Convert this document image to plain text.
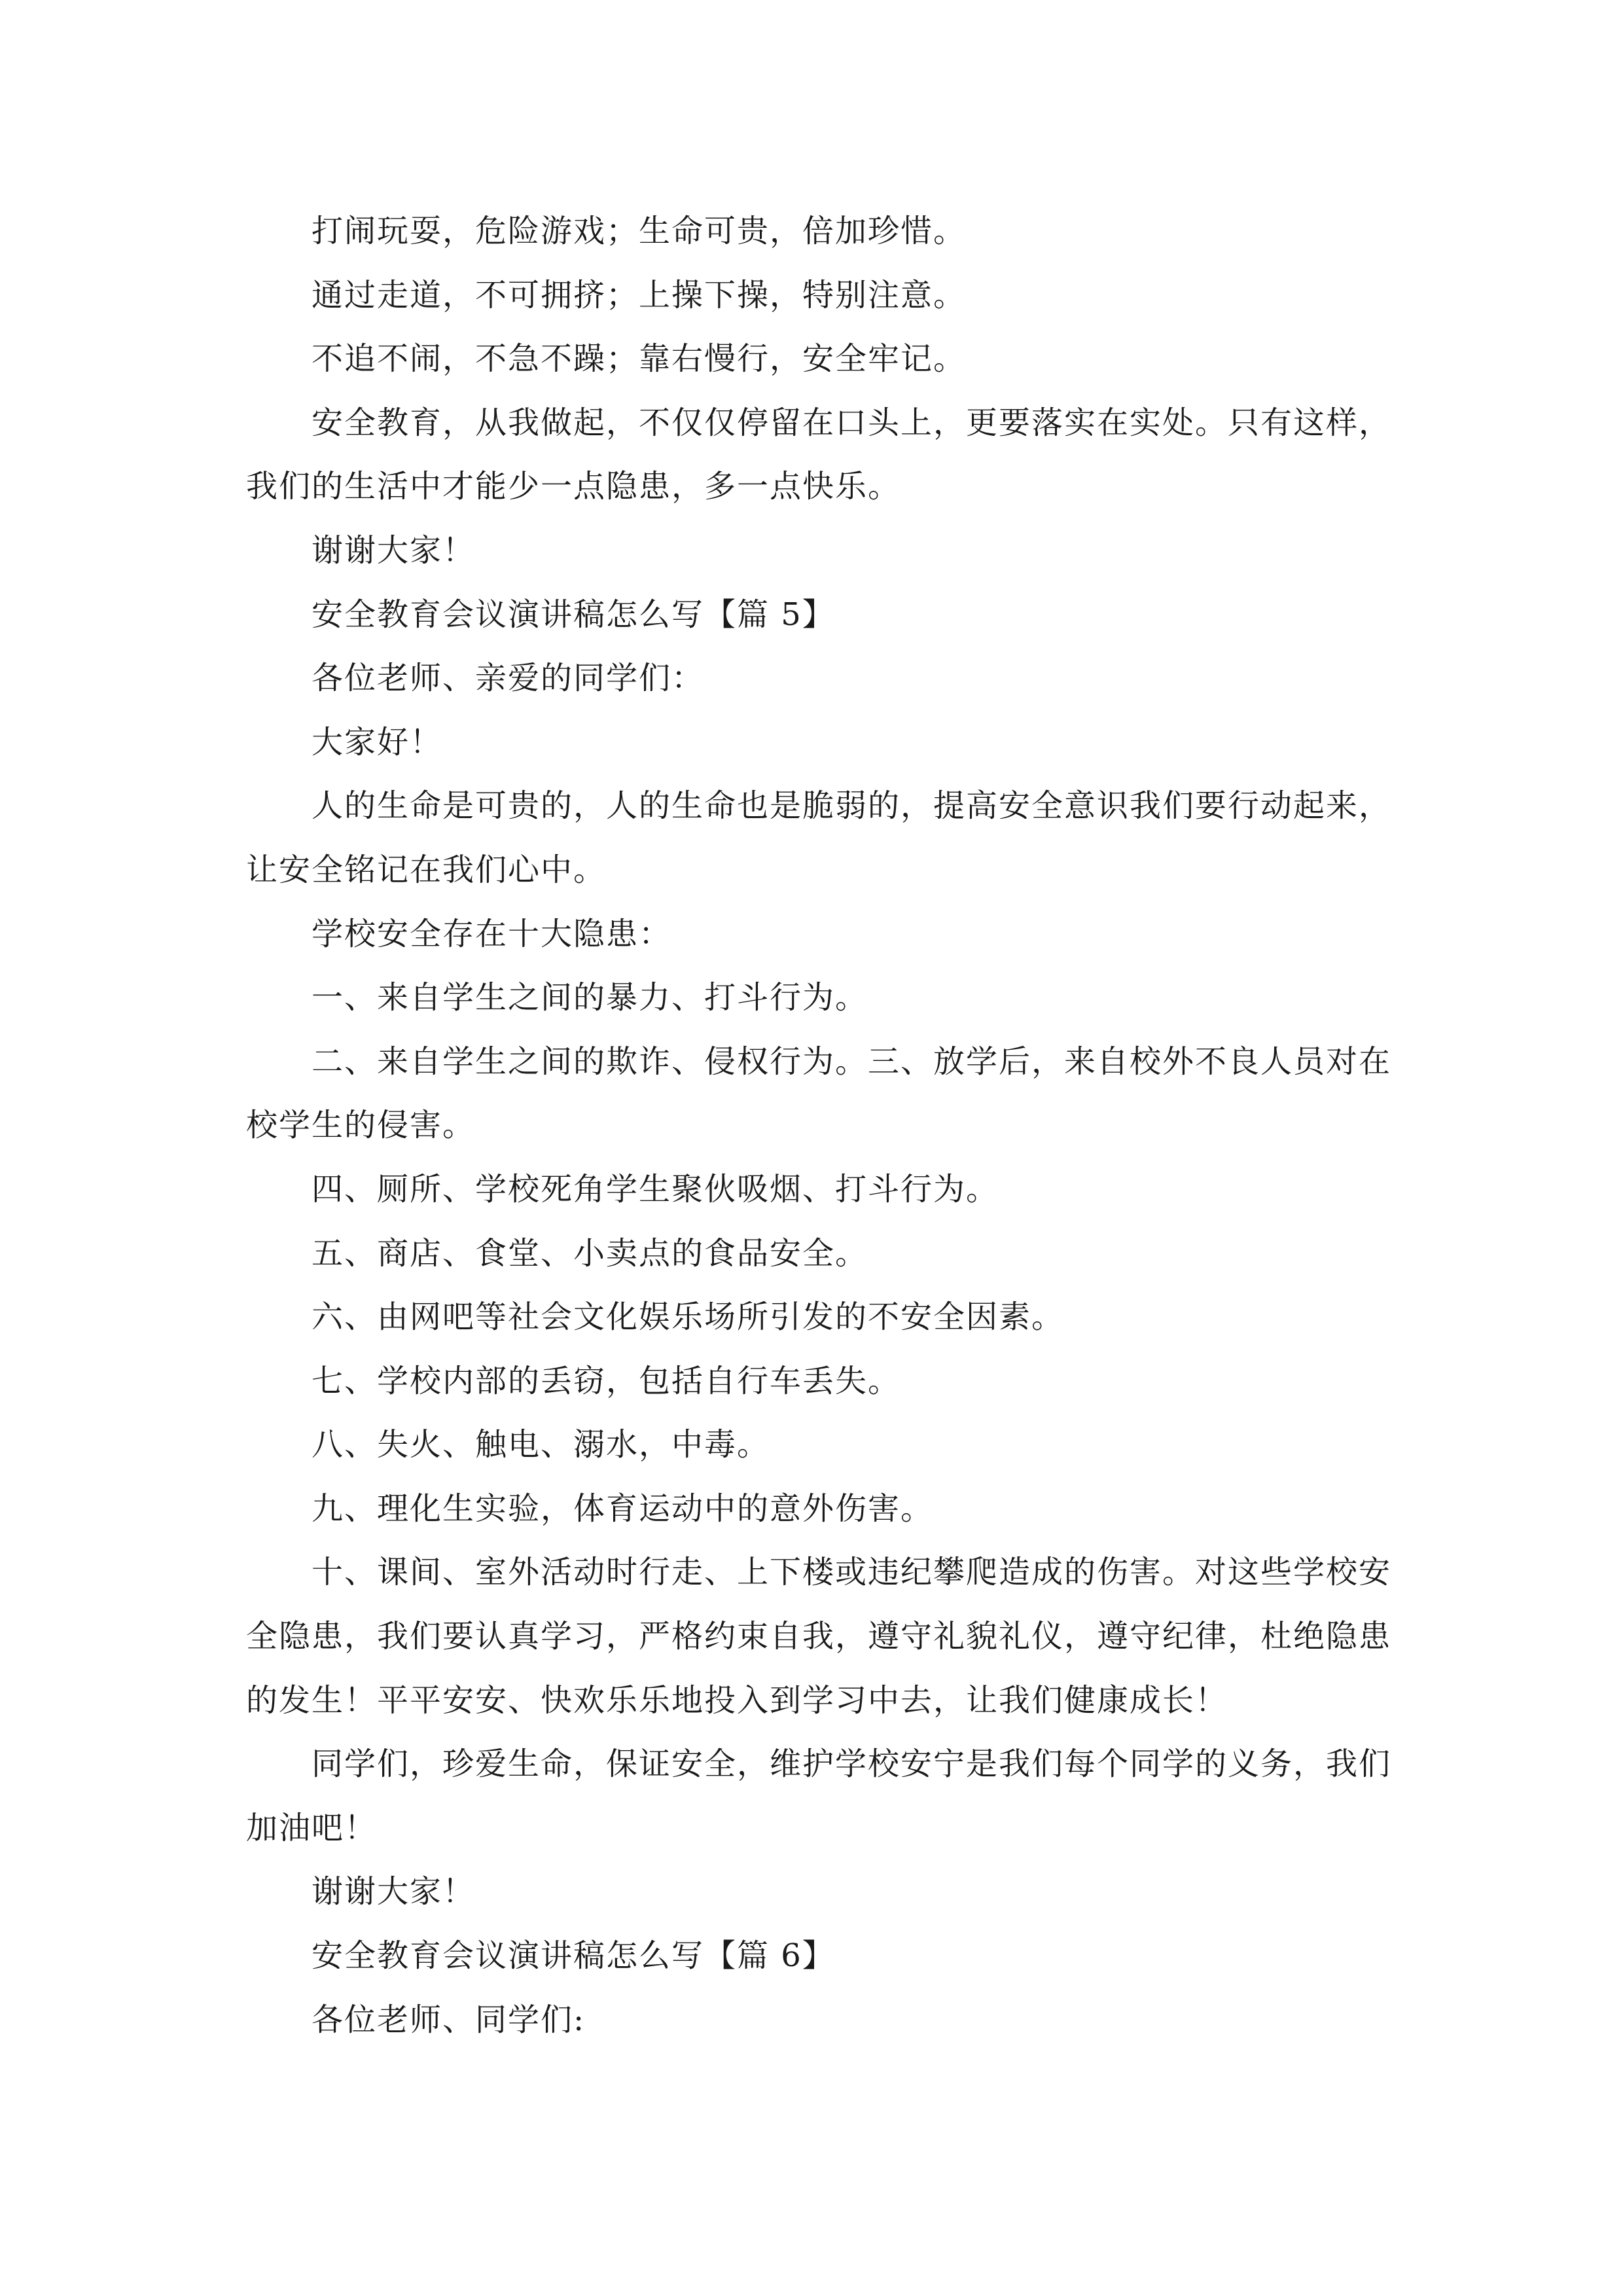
打闹玩耍，危险游戏；生命可贵，倍加珍惜。

通过走道，不可拥挤；上操下操，特别注意。

不追不闹，不急不躁；靠右慢行，安全牢记。

安全教育，从我做起，不仅仅停留在口头上，更要落实在实处。只有这样，我们的生活中才能少一点隐患，多一点快乐。

谢谢大家！

安全教育会议演讲稿怎么写【篇 5】

各位老师、亲爱的同学们：

大家好！

人的生命是可贵的，人的生命也是脆弱的，提高安全意识我们要行动起来，让安全铭记在我们心中。

学校安全存在十大隐患：

一、来自学生之间的暴力、打斗行为。

二、来自学生之间的欺诈、侵权行为。三、放学后，来自校外不良人员对在校学生的侵害。

四、厕所、学校死角学生聚伙吸烟、打斗行为。

五、商店、食堂、小卖点的食品安全。

六、由网吧等社会文化娱乐场所引发的不安全因素。

七、学校内部的丢窃，包括自行车丢失。

八、失火、触电、溺水，中毒。

九、理化生实验，体育运动中的意外伤害。

十、课间、室外活动时行走、上下楼或违纪攀爬造成的伤害。对这些学校安全隐患，我们要认真学习，严格约束自我，遵守礼貌礼仪，遵守纪律，杜绝隐患的发生！平平安安、快欢乐乐地投入到学习中去，让我们健康成长！

同学们，珍爱生命，保证安全，维护学校安宁是我们每个同学的义务，我们加油吧！

谢谢大家！

安全教育会议演讲稿怎么写【篇 6】

各位老师、同学们:
